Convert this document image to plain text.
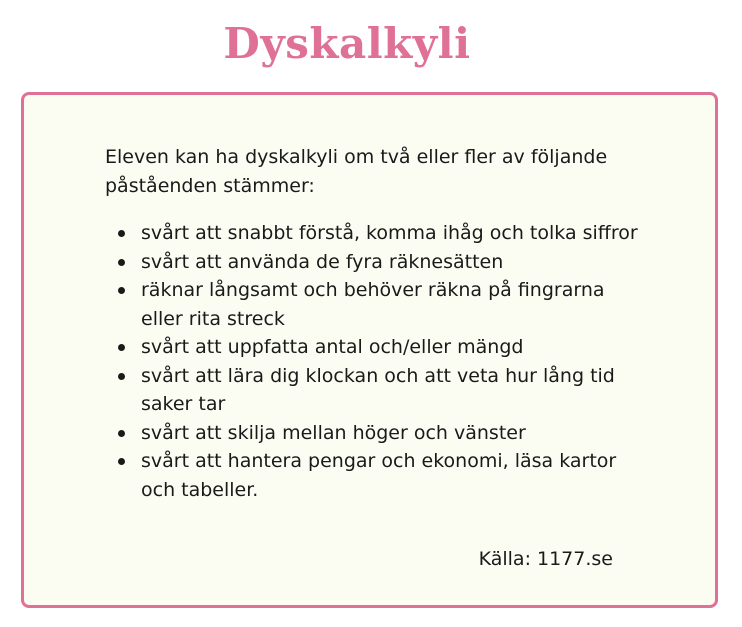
Dyskalkyli

Eleven kan ha dyskalkyli om två eller fler av följande påståenden stämmer:

svårt att snabbt förstå, komma ihåg och tolka siffror
svårt att använda de fyra räknesätten
räknar långsamt och behöver räkna på fingrarna eller rita streck
svårt att uppfatta antal och/eller mängd
svårt att lära dig klockan och att veta hur lång tid saker tar
svårt att skilja mellan höger och vänster
svårt att hantera pengar och ekonomi, läsa kartor och tabeller.

Källa: 1177.se
